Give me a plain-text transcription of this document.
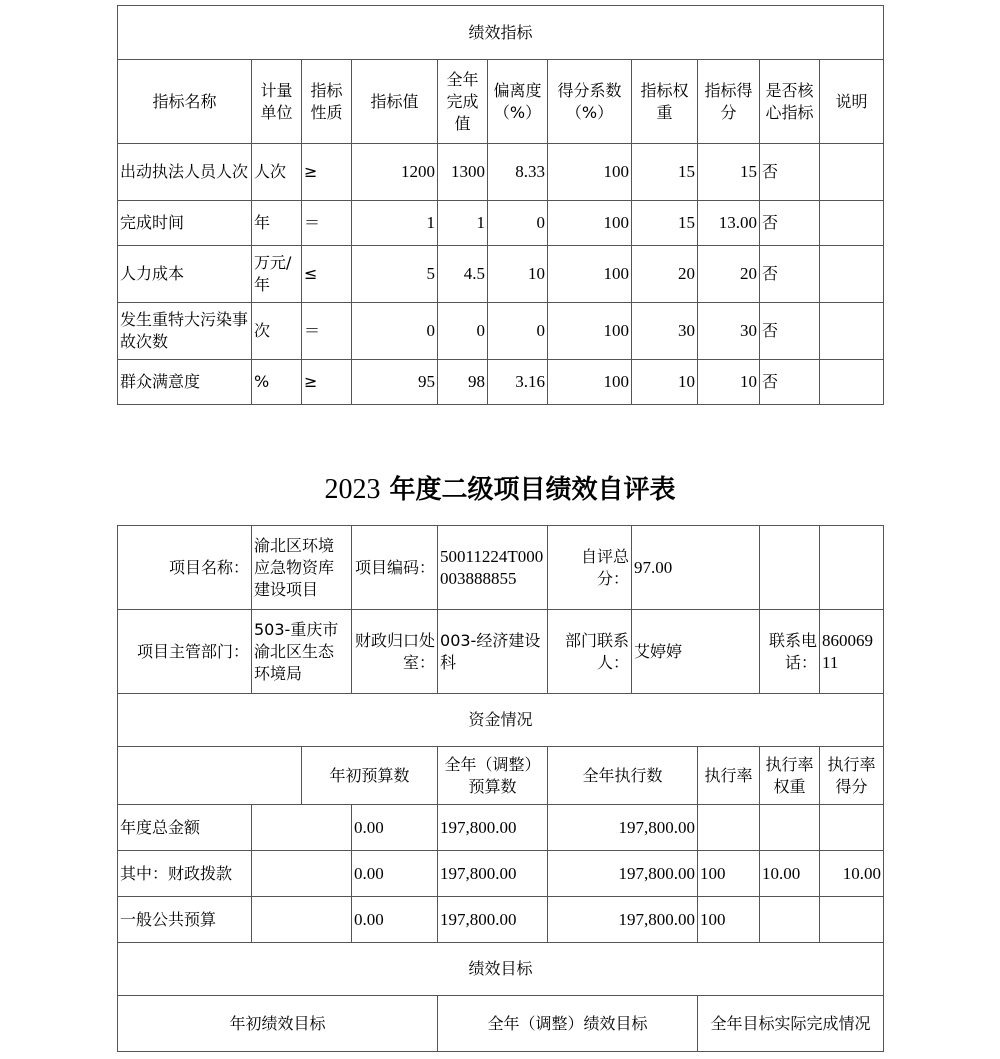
绩效指标										
指标名称	计量单位	指标性质	指标值	全年完成值	偏离度（%）	得分系数（%）	指标权重	指标得分	是否核心指标	说明
出动执法人员人次	人次	≥	1200	1300	8.33	100	15	15	否	
完成时间	年	＝	1	1	0	100	15	13.00	否	
人力成本	万元/年	≤	5	4.5	10	100	20	20	否	
发生重特大污染事故次数	次	＝	0	0	0	100	30	30	否	
群众满意度	%	≥	95	98	3.16	100	10	10	否	
2023 年度二级项目绩效自评表
项目名称：	渝北区环境应急物资库建设项目		项目编码：	50011224T000003888855	自评总分：	97.00			
项目主管部门：	503-重庆市渝北区生态环境局		财政归口处室：	003-经济建设科	部门联系人：	艾婷婷		联系电话：	86006911
资金情况									
		年初预算数		全年（调整）预算数	全年执行数		执行率	执行率权重	执行率得分
年度总金额			0.00	197,800.00	197,800.00				
其中：财政拨款			0.00	197,800.00	197,800.00		100	10.00	10.00
一般公共预算			0.00	197,800.00	197,800.00		100		
绩效目标									
年初绩效目标				全年（调整）绩效目标			全年目标实际完成情况		
